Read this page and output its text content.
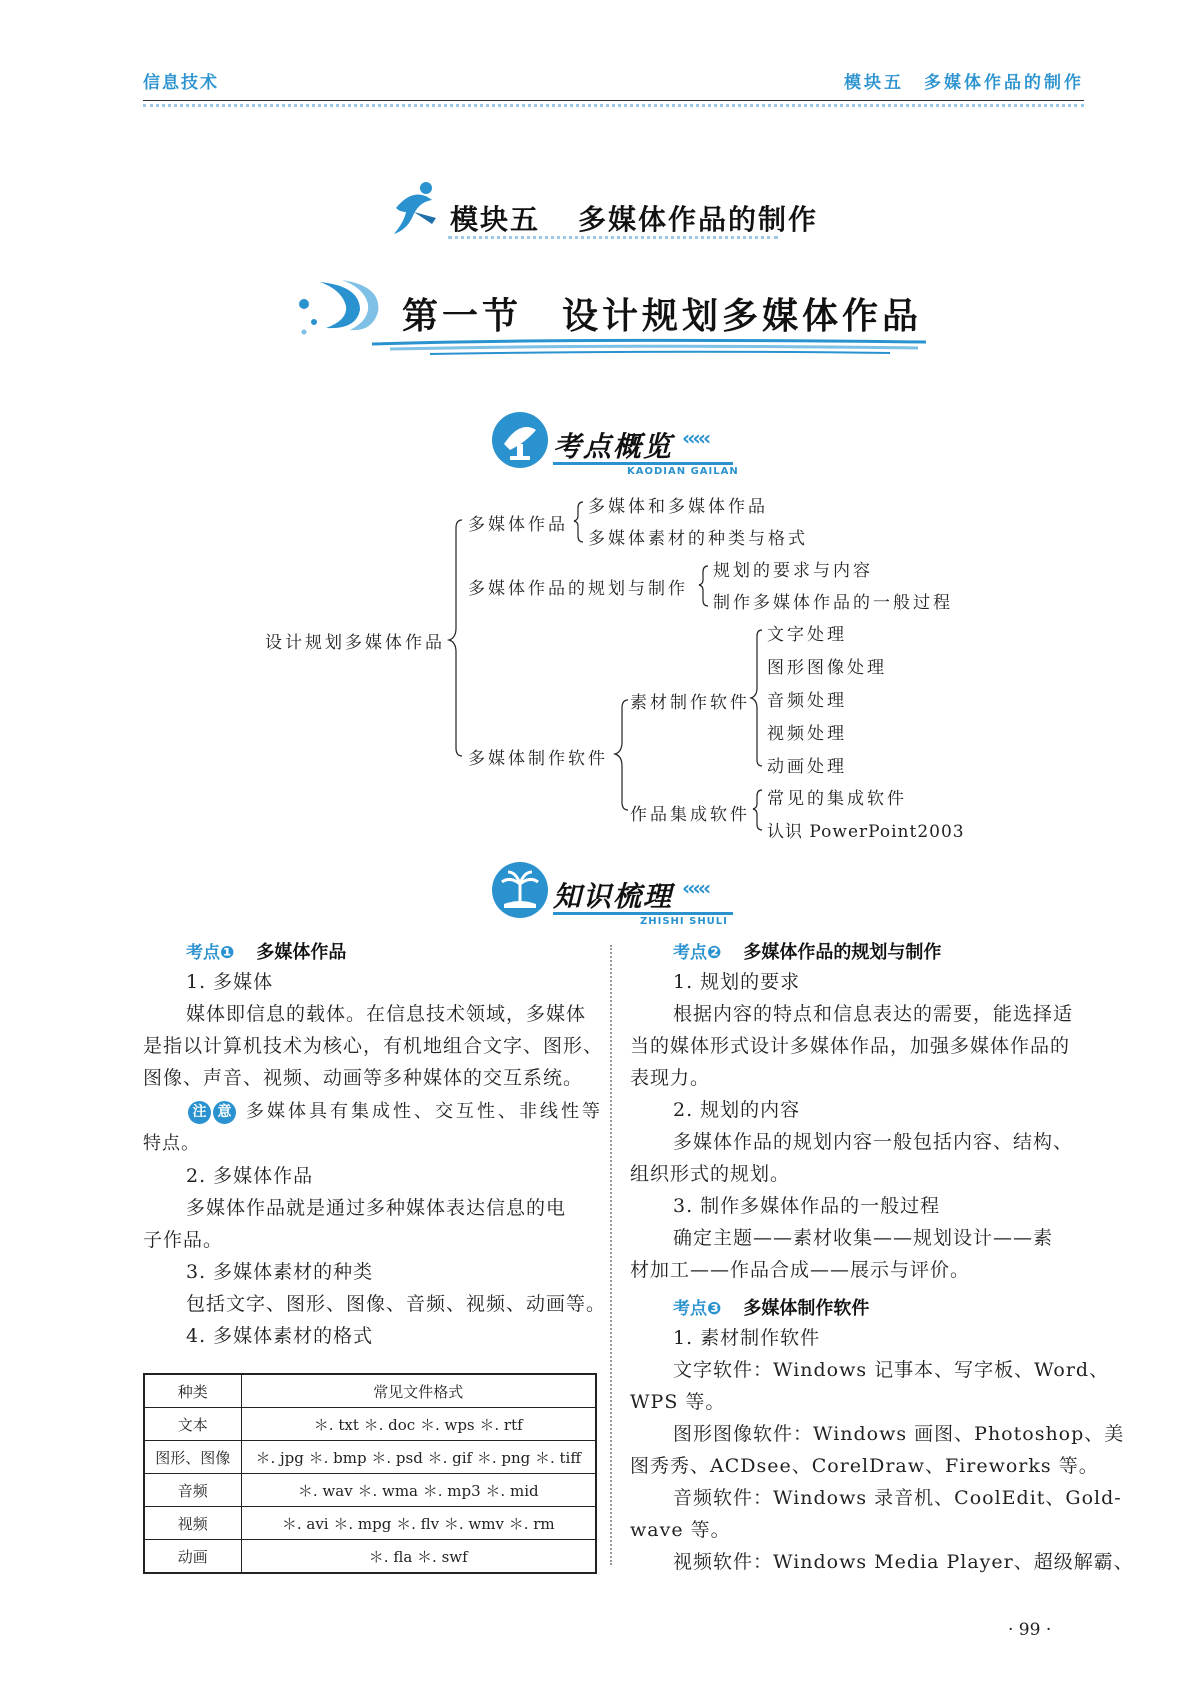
信息技术	模块五　多媒体作品的制作
模块五 多媒体作品的制作
第一节 设计规划多媒体作品
考点概览 ‹‹‹‹‹
KAODIAN GAILAN
设计规划多媒体作品
多媒体作品
多媒体和多媒体作品
多媒体素材的种类与格式
多媒体作品的规划与制作
规划的要求与内容
制作多媒体作品的一般过程
多媒体制作软件
素材制作软件
文字处理
图形图像处理
音频处理
视频处理
动画处理
作品集成软件
常见的集成软件
认识 PowerPoint2003
知识梳理 ‹‹‹‹‹
ZHISHI SHULI
考点❶ 多媒体作品
1. 多媒体
媒体即信息的载体。在信息技术领域，多媒体
是指以计算机技术为核心，有机地组合文字、图形、
图像、声音、视频、动画等多种媒体的交互系统。
注 意 多媒体具有集成性、交互性、非线性等
特点。
2. 多媒体作品
多媒体作品就是通过多种媒体表达信息的电
子作品。
3. 多媒体素材的种类
包括文字、图形、图像、音频、视频、动画等。
4. 多媒体素材的格式
种类	常见文件格式
文本	＊. txt ＊. doc ＊. wps ＊. rtf
图形、图像	＊. jpg ＊. bmp ＊. psd ＊. gif ＊. png ＊. tiff
音频	＊. wav ＊. wma ＊. mp3 ＊. mid
视频	＊. avi ＊. mpg ＊. flv ＊. wmv ＊. rm
动画	＊. fla ＊. swf
考点❷ 多媒体作品的规划与制作
1. 规划的要求
根据内容的特点和信息表达的需要，能选择适
当的媒体形式设计多媒体作品，加强多媒体作品的
表现力。
2. 规划的内容
多媒体作品的规划内容一般包括内容、结构、
组织形式的规划。
3. 制作多媒体作品的一般过程
确定主题——素材收集——规划设计——素
材加工——作品合成——展示与评价。
考点❸ 多媒体制作软件
1. 素材制作软件
文字软件：Windows 记事本、写字板、Word、
WPS 等。
图形图像软件：Windows 画图、Photoshop、美
图秀秀、ACDsee、CorelDraw、Fireworks 等。
音频软件：Windows 录音机、CoolEdit、Gold-
wave 等。
视频软件：Windows Media Player、超级解霸、
· 99 ·
